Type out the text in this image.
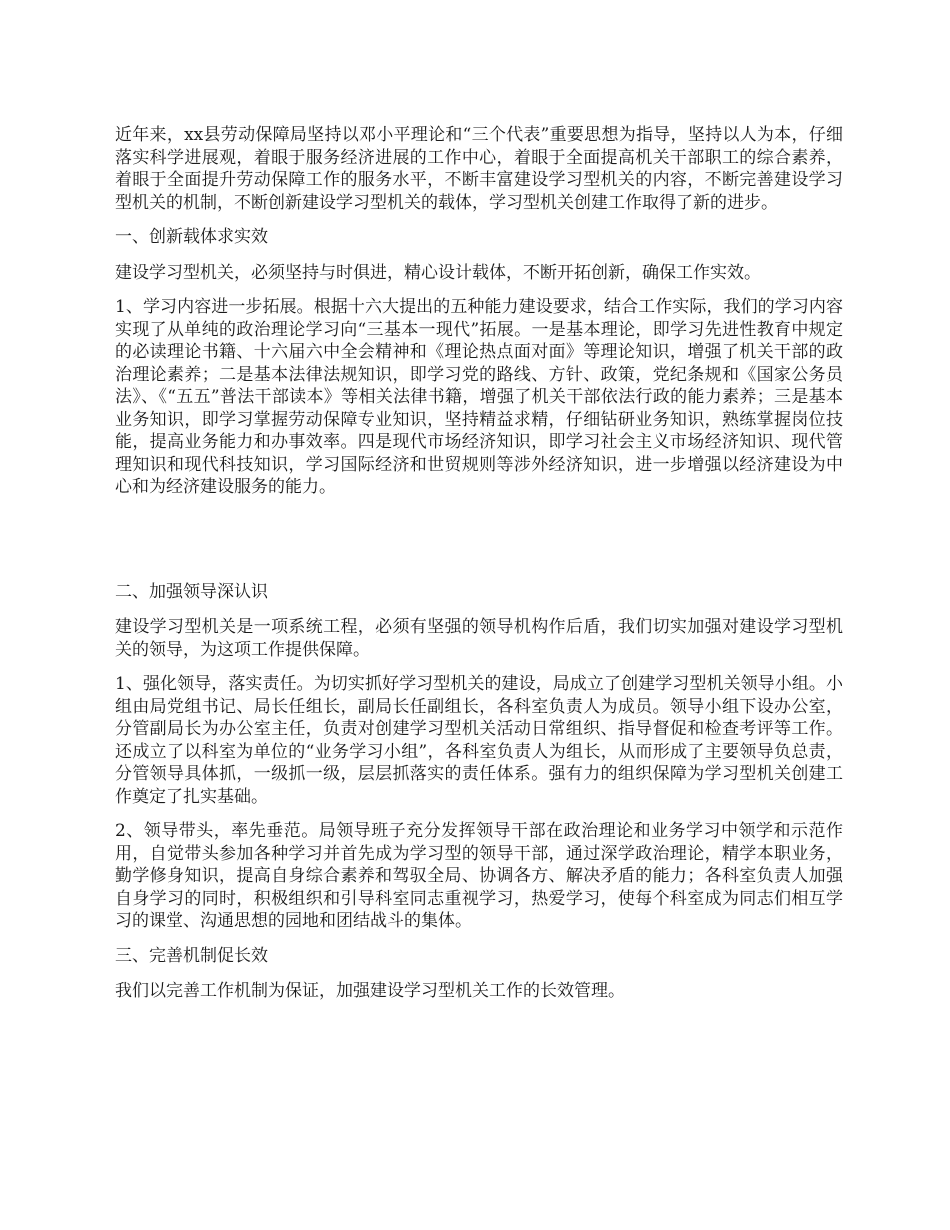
近年来，xx县劳动保障局坚持以邓小平理论和“三个代表”重要思想为指导，坚持以人为本，仔细落实科学进展观，着眼于服务经济进展的工作中心，着眼于全面提高机关干部职工的综合素养，着眼于全面提升劳动保障工作的服务水平，不断丰富建设学习型机关的内容，不断完善建设学习型机关的机制，不断创新建设学习型机关的载体，学习型机关创建工作取得了新的进步。

一、创新载体求实效

建设学习型机关，必须坚持与时俱进，精心设计载体，不断开拓创新，确保工作实效。

1、学习内容进一步拓展。根据十六大提出的五种能力建设要求，结合工作实际，我们的学习内容实现了从单纯的政治理论学习向“三基本一现代”拓展。一是基本理论，即学习先进性教育中规定的必读理论书籍、十六届六中全会精神和《理论热点面对面》等理论知识，增强了机关干部的政治理论素养；二是基本法律法规知识，即学习党的路线、方针、政策，党纪条规和《国家公务员法》、《“五五”普法干部读本》等相关法律书籍，增强了机关干部依法行政的能力素养；三是基本业务知识，即学习掌握劳动保障专业知识，坚持精益求精，仔细钻研业务知识，熟练掌握岗位技能，提高业务能力和办事效率。四是现代市场经济知识，即学习社会主义市场经济知识、现代管理知识和现代科技知识，学习国际经济和世贸规则等涉外经济知识，进一步增强以经济建设为中心和为经济建设服务的能力。

二、加强领导深认识

建设学习型机关是一项系统工程，必须有坚强的领导机构作后盾，我们切实加强对建设学习型机关的领导，为这项工作提供保障。

1、强化领导，落实责任。为切实抓好学习型机关的建设，局成立了创建学习型机关领导小组。小组由局党组书记、局长任组长，副局长任副组长，各科室负责人为成员。领导小组下设办公室，分管副局长为办公室主任，负责对创建学习型机关活动日常组织、指导督促和检查考评等工作。还成立了以科室为单位的“业务学习小组”，各科室负责人为组长，从而形成了主要领导负总责，分管领导具体抓，一级抓一级，层层抓落实的责任体系。强有力的组织保障为学习型机关创建工作奠定了扎实基础。

2、领导带头，率先垂范。局领导班子充分发挥领导干部在政治理论和业务学习中领学和示范作用，自觉带头参加各种学习并首先成为学习型的领导干部，通过深学政治理论，精学本职业务，勤学修身知识，提高自身综合素养和驾驭全局、协调各方、解决矛盾的能力；各科室负责人加强自身学习的同时，积极组织和引导科室同志重视学习，热爱学习，使每个科室成为同志们相互学习的课堂、沟通思想的园地和团结战斗的集体。

三、完善机制促长效

我们以完善工作机制为保证，加强建设学习型机关工作的长效管理。
